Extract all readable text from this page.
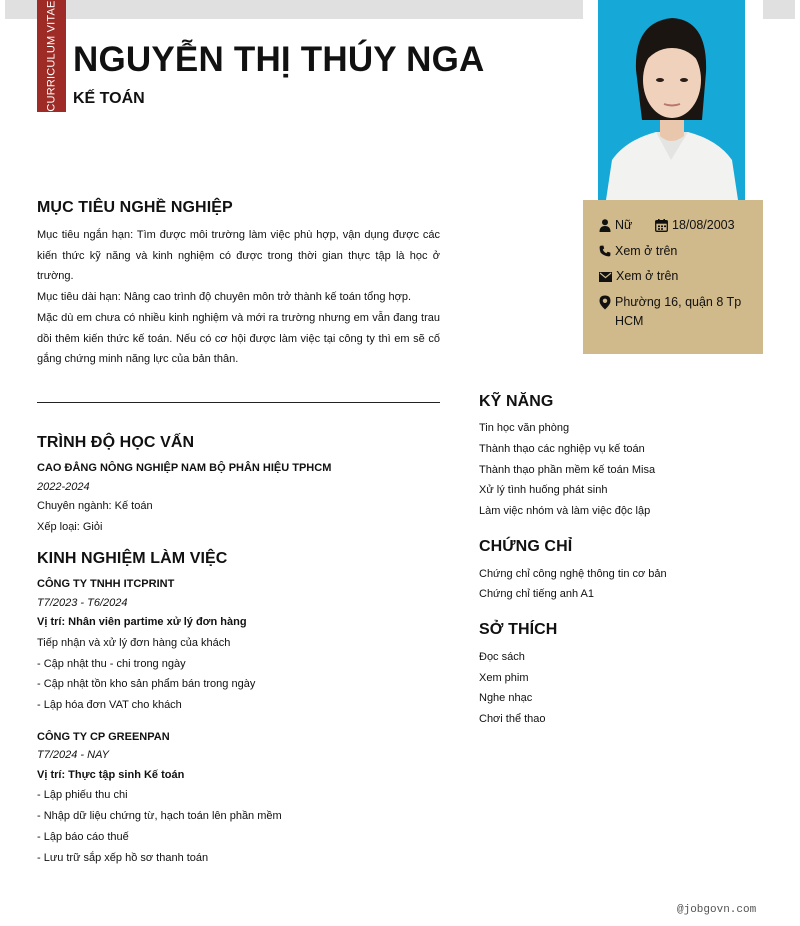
CURRICULUM VITAE NGUYỄN THỊ THÚY NGA
KẾ TOÁN
Nữ	18/08/2003
Xem ở trên
Xem ở trên
Phường 16, quận 8 Tp
HCM
MỤC TIÊU NGHỀ NGHIỆP
Mục tiêu ngắn hạn: Tìm được môi trường làm việc phù hợp, vận dụng được các kiến thức kỹ năng và kinh nghiệm có được trong thời gian thực tập là học ở trường.
Mục tiêu dài hạn: Nâng cao trình độ chuyên môn trở thành kế toán tổng hợp.
Mặc dù em chưa có nhiều kinh nghiệm và mới ra trường nhưng em vẫn đang trau dồi thêm kiến thức kế toán. Nếu có cơ hội được làm việc tại công ty thì em sẽ cố gắng chứng minh năng lực của bản thân.
TRÌNH ĐỘ HỌC VẤN
CAO ĐẲNG NÔNG NGHIỆP NAM BỘ PHÂN HIỆU TPHCM
2022-2024
Chuyên ngành: Kế toán
Xếp loại: Giỏi
KINH NGHIỆM LÀM VIỆC
CÔNG TY TNHH ITCPRINT
T7/2023 - T6/2024
Vị trí: Nhân viên partime xử lý đơn hàng
Tiếp nhận và xử lý đơn hàng của khách
- Cập nhật thu - chi trong ngày
- Cập nhật tồn kho sản phẩm bán trong ngày
- Lập hóa đơn VAT cho khách
CÔNG TY CP GREENPAN
T7/2024 - NAY
Vị trí: Thực tập sinh Kế toán
- Lập phiếu thu chi
- Nhập dữ liệu chứng từ, hạch toán lên phần mềm
- Lập báo cáo thuế
- Lưu trữ sắp xếp hồ sơ thanh toán
KỸ NĂNG
Tin học văn phòng
Thành thạo các nghiệp vụ kế toán
Thành thạo phần mềm kế toán Misa
Xử lý tình huống phát sinh
Làm việc nhóm và làm việc độc lập
CHỨNG CHỈ
Chứng chỉ công nghệ thông tin cơ bản
Chứng chỉ tiếng anh A1
SỞ THÍCH
Đọc sách
Xem phim
Nghe nhạc
Chơi thể thao
@jobgovn.com
